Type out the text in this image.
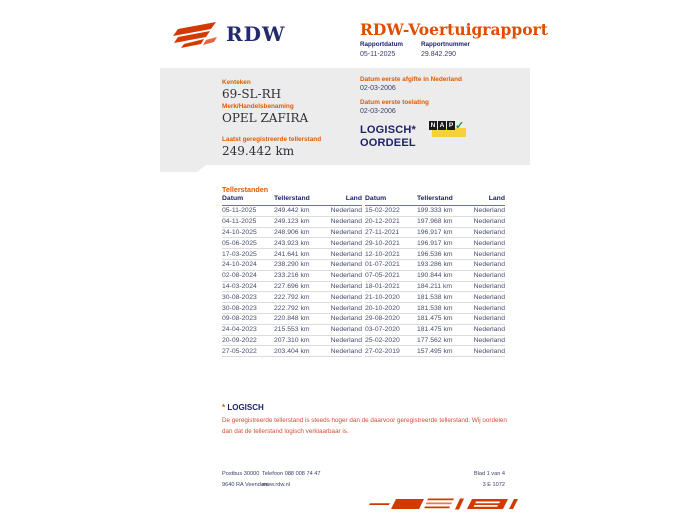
RDW	RDW-Voertuigrapport
Rapportdatum
05-11-2025
Rapportnummer
29.842.290
Kenteken
69-SL-RH
Merk/Handelsbenaming
OPEL ZAFIRA
Laatst geregistreerde tellerstand
249.442 km
Datum eerste afgifte in Nederland
02-03-2006
Datum eerste toelating
02-03-2006
LOGISCH*
OORDEEL
N A P ✓
Tellerstanden
Datum	Tellerstand	Land
05-11-2025	249.442 km	Nederland
04-11-2025	249.123 km	Nederland
24-10-2025	248.906 km	Nederland
05-06-2025	243.923 km	Nederland
17-03-2025	241.641 km	Nederland
24-10-2024	238.290 km	Nederland
02-08-2024	233.216 km	Nederland
14-03-2024	227.696 km	Nederland
30-08-2023	222.792 km	Nederland
30-08-2023	222.792 km	Nederland
09-08-2023	220.848 km	Nederland
24-04-2023	215.553 km	Nederland
20-09-2022	207.310 km	Nederland
27-05-2022	203.404 km	Nederland
Datum	Tellerstand	Land
15-02-2022	199.333 km	Nederland
20-12-2021	197.968 km	Nederland
27-11-2021	196.917 km	Nederland
29-10-2021	196.917 km	Nederland
12-10-2021	196.536 km	Nederland
01-07-2021	193.286 km	Nederland
07-05-2021	190.844 km	Nederland
18-01-2021	184.211 km	Nederland
21-10-2020	181.538 km	Nederland
20-10-2020	181.538 km	Nederland
29-08-2020	181.475 km	Nederland
03-07-2020	181.475 km	Nederland
25-02-2020	177.562 km	Nederland
27-02-2019	157.495 km	Nederland
* LOGISCH
De geregistreerde tellerstand is steeds hoger dan de daarvoor geregistreerde tellerstand. Wij oordelen dan dat de tellerstand logisch verklaarbaar is.
Postbus 30000
9640 RA Veendam
Telefoon 088 008 74 47
www.rdw.nl
Blad 1 van 4
3 E 1072
